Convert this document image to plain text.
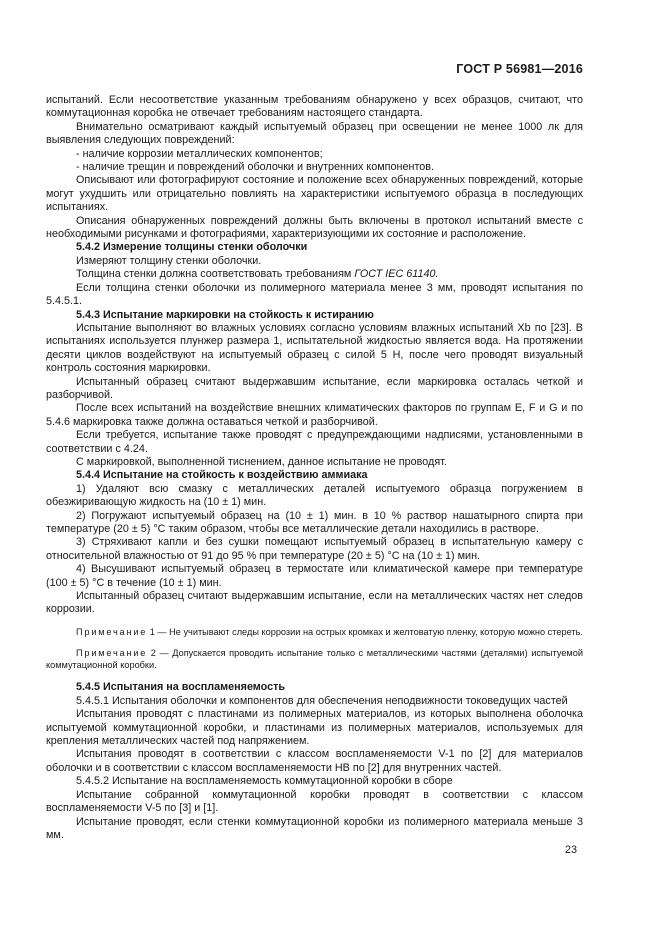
ГОСТ Р 56981—2016

испытаний. Если несоответствие указанным требованиям обнаружено у всех образцов, считают, что коммутационная коробка не отвечает требованиям настоящего стандарта.

Внимательно осматривают каждый испытуемый образец при освещении не менее 1000 лк для выявления следующих повреждений:

- наличие коррозии металлических компонентов;

- наличие трещин и повреждений оболочки и внутренних компонентов.

Описывают или фотографируют состояние и положение всех обнаруженных повреждений, которые могут ухудшить или отрицательно повлиять на характеристики испытуемого образца в последующих испытаниях.

Описания обнаруженных повреждений должны быть включены в протокол испытаний вместе с необходимыми рисунками и фотографиями, характеризующими их состояние и расположение.

5.4.2 Измерение толщины стенки оболочки

Измеряют толщину стенки оболочки.

Толщина стенки должна соответствовать требованиям ГОСТ IEC 61140.

Если толщина стенки оболочки из полимерного материала менее 3 мм, проводят испытания по 5.4.5.1.

5.4.3 Испытание маркировки на стойкость к истиранию

Испытание выполняют во влажных условиях согласно условиям влажных испытаний Xb по [23]. В испытаниях используется плунжер размера 1, испытательной жидкостью является вода. На протяжении десяти циклов воздействуют на испытуемый образец с силой 5 Н, после чего проводят визуальный контроль состояния маркировки.

Испытанный образец считают выдержавшим испытание, если маркировка осталась четкой и разборчивой.

После всех испытаний на воздействие внешних климатических факторов по группам E, F и G и по 5.4.6 маркировка также должна оставаться четкой и разборчивой.

Если требуется, испытание также проводят с предупреждающими надписями, установленными в соответствии с 4.24.

С маркировкой, выполненной тиснением, данное испытание не проводят.

5.4.4 Испытание на стойкость к воздействию аммиака

1) Удаляют всю смазку с металлических деталей испытуемого образца погружением в обезжиривающую жидкость на (10 ± 1) мин.

2) Погружают испытуемый образец на (10 ± 1) мин. в 10 % раствор нашатырного спирта при температуре (20 ± 5) °С таким образом, чтобы все металлические детали находились в растворе.

3) Стряхивают капли и без сушки помещают испытуемый образец в испытательную камеру с относительной влажностью от 91 до 95 % при температуре (20 ± 5) °С на (10 ± 1) мин.

4) Высушивают испытуемый образец в термостате или климатической камере при температуре (100 ± 5) °С в течение (10 ± 1) мин.

Испытанный образец считают выдержавшим испытание, если на металлических частях нет следов коррозии.

Примечание 1 — Не учитывают следы коррозии на острых кромках и желтоватую пленку, которую можно стереть.

Примечание 2 — Допускается проводить испытание только с металлическими частями (деталями) испытуемой коммутационной коробки.

5.4.5 Испытания на воспламеняемость

5.4.5.1 Испытания оболочки и компонентов для обеспечения неподвижности токоведущих частей

Испытания проводят с пластинами из полимерных материалов, из которых выполнена оболочка испытуемой коммутационной коробки, и пластинами из полимерных материалов, используемых для крепления металлических частей под напряжением.

Испытания проводят в соответствии с классом воспламеняемости V-1 по [2] для материалов оболочки и в соответствии с классом воспламеняемости НВ по [2] для внутренних частей.

5.4.5.2 Испытание на воспламеняемость коммутационной коробки в сборе

Испытание собранной коммутационной коробки проводят в соответствии с классом воспламеняемости V-5 по [3] и [1].

Испытание проводят, если стенки коммутационной коробки из полимерного материала меньше 3 мм.

23
